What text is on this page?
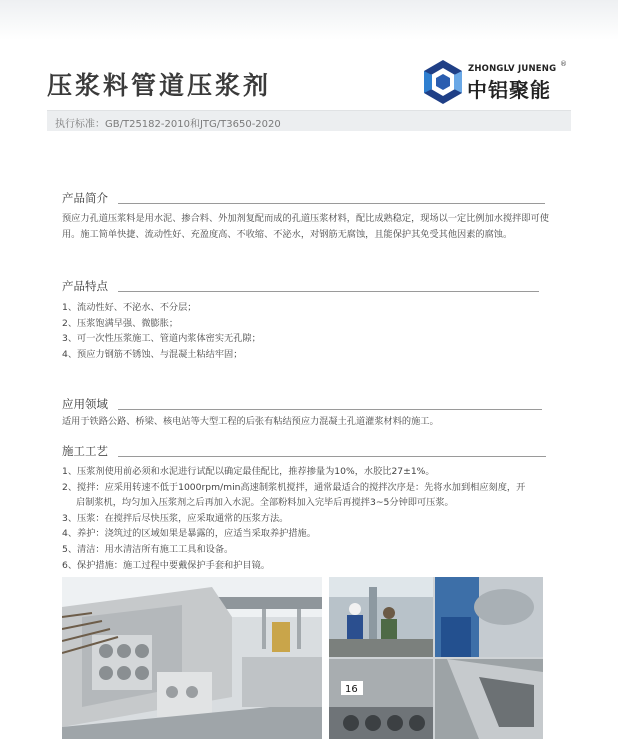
压浆料管道压浆剂
ZHONGLV JUNENG ®
中铝聚能
执行标准：GB/T25182-2010和JTG/T3650-2020
产品简介
预应力孔道压浆料是用水泥、掺合料、外加剂复配而成的孔道压浆材料，配比成熟稳定，现场以一定比例加水搅拌即可使用。施工简单快捷、流动性好、充盈度高、不收缩、不泌水，对钢筋无腐蚀，且能保护其免受其他因素的腐蚀。
产品特点
1、流动性好、不泌水、不分层；
2、压浆饱满早强、微膨胀；
3、可一次性压浆施工、管道内浆体密实无孔隙；
4、预应力钢筋不锈蚀、与混凝土粘结牢固；
应用领域
适用于铁路公路、桥梁、核电站等大型工程的后张有粘结预应力混凝土孔道灌浆材料的施工。
施工工艺
1、压浆剂使用前必须和水泥进行试配以确定最佳配比，推荐掺量为10%，水胶比27±1%。
2、搅拌：应采用转速不低于1000rpm/min高速制浆机搅拌，通常最适合的搅拌次序是：先将水加到相应刻度，开
启制浆机，均匀加入压浆剂之后再加入水泥。全部粉料加入完毕后再搅拌3~5分钟即可压浆。
3、压浆：在搅拌后尽快压浆，应采取通常的压浆方法。
4、养护：浇筑过的区域如果是暴露的，应适当采取养护措施。
5、清洁：用水清洁所有施工工具和设备。
6、保护措施：施工过程中要戴保护手套和护目镜。
16
